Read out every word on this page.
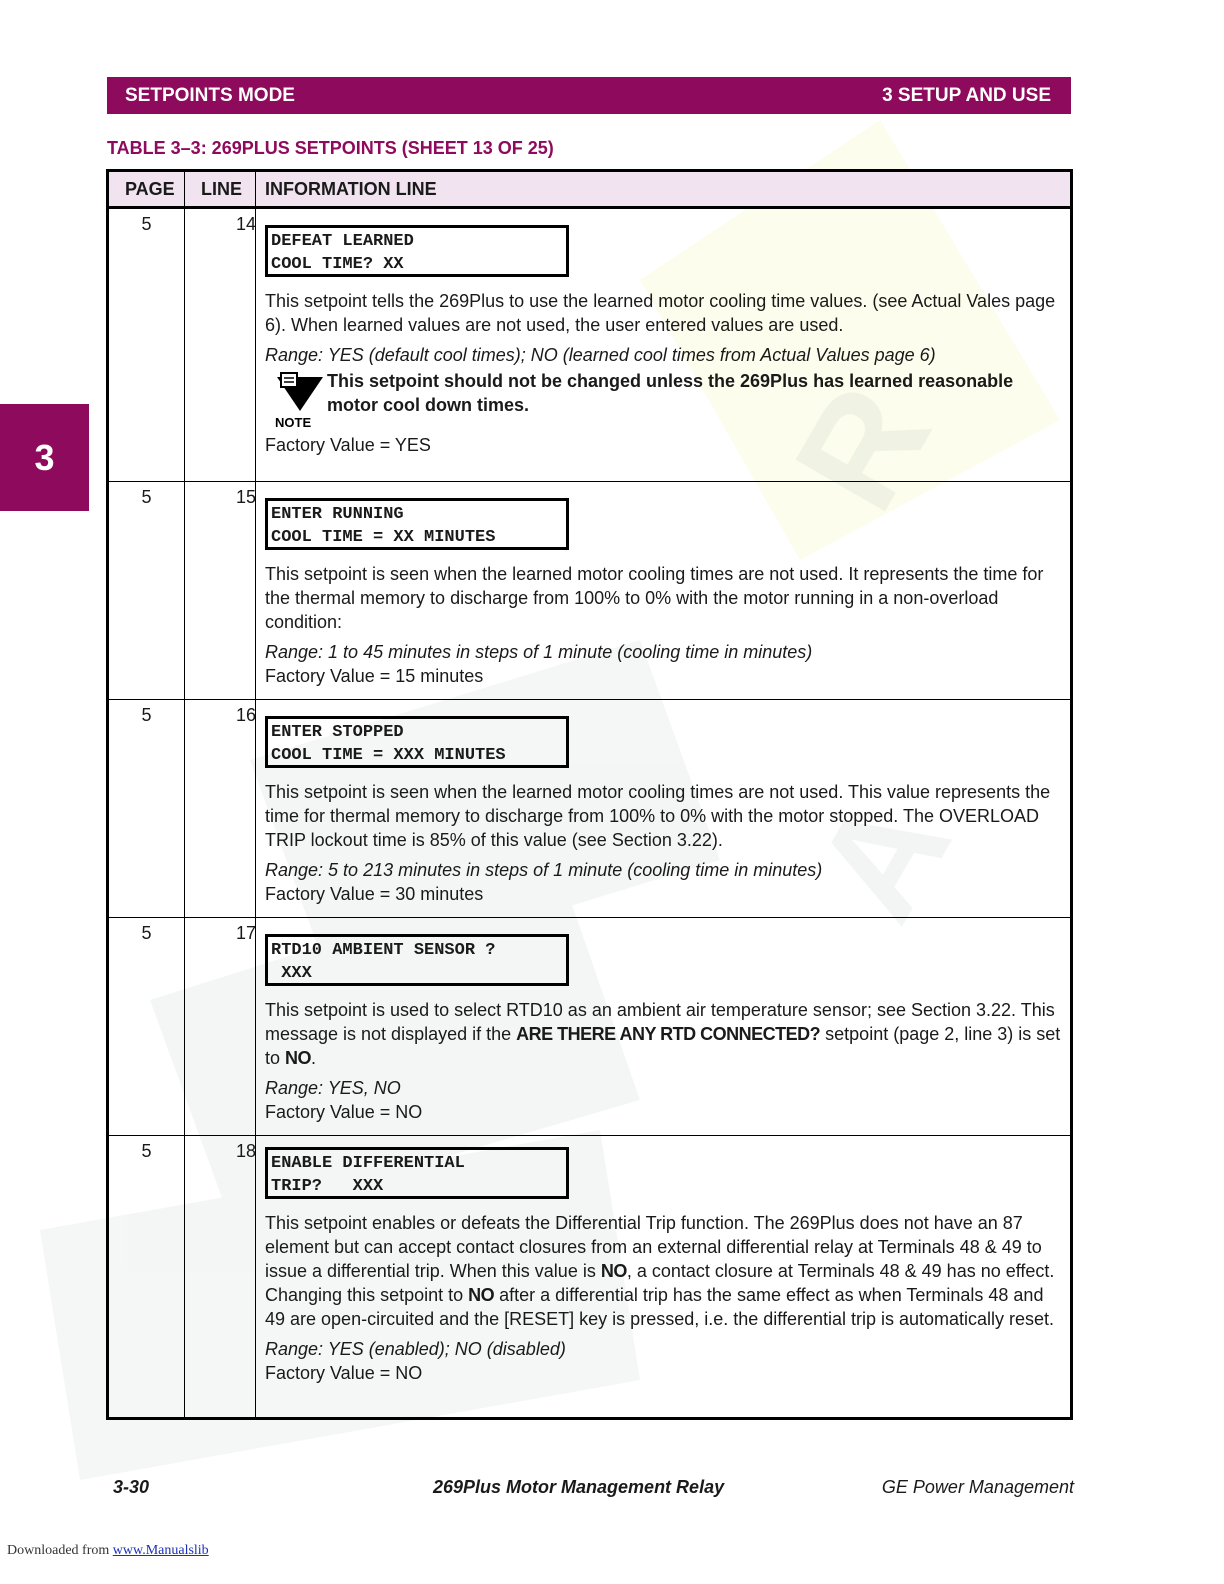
R
A
SETPOINTS MODE	3 SETUP AND USE
3
TABLE 3–3: 269PLUS SETPOINTS (SHEET 13 OF 25)
PAGE LINE INFORMATION LINE
5	14
DEFEAT LEARNED
COOL TIME? XX

This setpoint tells the 269Plus to use the learned motor cooling time values. (see Actual Vales page 6). When learned values are not used, the user entered values are used.

Range: YES (default cool times); NO (learned cool times from Actual Values page 6)

NOTE
This setpoint should not be changed unless the 269Plus has learned reasonable motor cool down times.

Factory Value = YES

5	15
ENTER RUNNING
COOL TIME = XX MINUTES

This setpoint is seen when the learned motor cooling times are not used. It represents the time for the thermal memory to discharge from 100% to 0% with the motor running in a non-overload condition:

Range: 1 to 45 minutes in steps of 1 minute (cooling time in minutes)

Factory Value = 15 minutes

5	16
ENTER STOPPED
COOL TIME = XXX MINUTES

This setpoint is seen when the learned motor cooling times are not used. This value represents the time for thermal memory to discharge from 100% to 0% with the motor stopped. The OVERLOAD TRIP lockout time is 85% of this value (see Section 3.22).

Range: 5 to 213 minutes in steps of 1 minute (cooling time in minutes)

Factory Value = 30 minutes

5	17
RTD10 AMBIENT SENSOR ?
XXX

This setpoint is used to select RTD10 as an ambient air temperature sensor; see Section 3.22. This message is not displayed if the ARE THERE ANY RTD CONNECTED? setpoint (page 2, line 3) is set to NO.

Range: YES, NO

Factory Value = NO

5	18
ENABLE DIFFERENTIAL
TRIP?   XXX

This setpoint enables or defeats the Differential Trip function. The 269Plus does not have an 87 element but can accept contact closures from an external differential relay at Terminals 48 & 49 to issue a differential trip. When this value is NO, a contact closure at Terminals 48 & 49 has no effect. Changing this setpoint to NO after a differential trip has the same effect as when Terminals 48 and 49 are open-circuited and the [RESET] key is pressed, i.e. the differential trip is automatically reset.

Range: YES (enabled); NO (disabled)

Factory Value = NO

3-30	269Plus Motor Management Relay	GE Power Management
Downloaded from www.Manualslib
